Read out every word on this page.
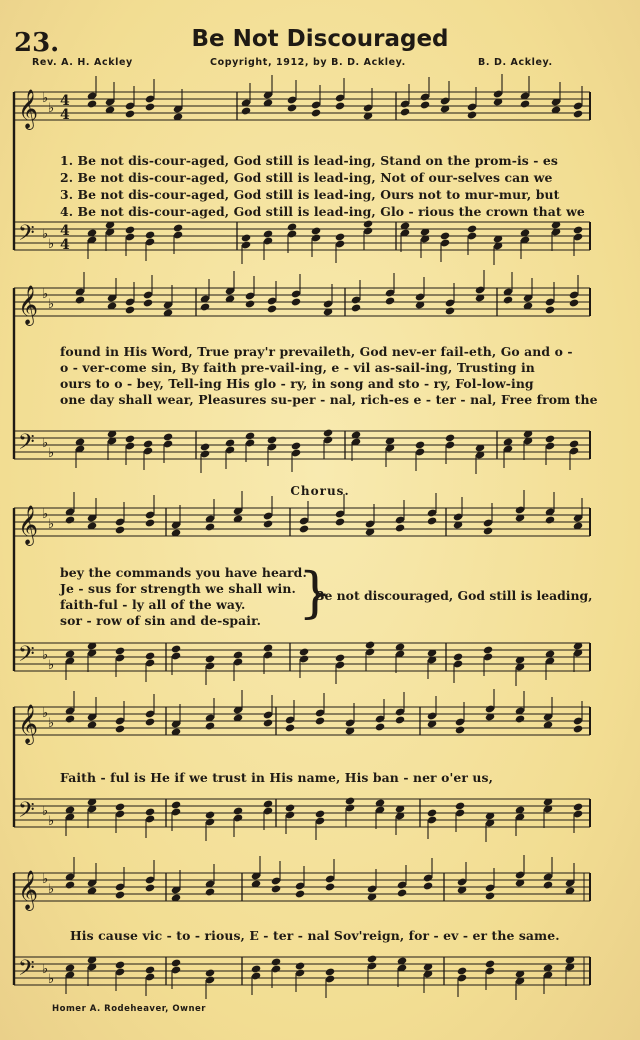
23.	Be Not Discouraged
Rev. A. H. Ackley	Copyright, 1912, by B. D. Ackley.	B. D. Ackley.
𝄞 ♭
♭ 4
4
𝄢 ♭
♭
4
4
𝄞 ♭
♭
𝄢 ♭
♭
𝄞 ♭
♭
𝄢 ♭
♭
𝄞 ♭
♭
𝄢 ♭
♭
𝄞 ♭
♭
𝄢 ♭
♭
1. Be not dis-cour-aged, God still is lead-ing, Stand on the prom-is - es
2. Be not dis-cour-aged, God still is lead-ing, Not of our-selves can we
3. Be not dis-cour-aged, God still is lead-ing, Ours not to mur-mur, but
4. Be not dis-cour-aged, God still is lead-ing, Glo - rious the crown that we
found in His Word, True pray'r prevaileth, God nev-er fail-eth, Go and o -
o - ver-come sin, By faith pre-vail-ing, e - vil as-sail-ing, Trusting in
ours to o - bey, Tell-ing His glo - ry, in song and sto - ry, Fol-low-ing
one day shall wear, Pleasures su-per - nal, rich-es e - ter - nal, Free from the
Chorus.
bey the commands you have heard.
Je - sus for strength we shall win.
faith-ful - ly all of the way.
sor - row of sin and de-spair. }
Be not discouraged, God still is leading,
Faith - ful is He if we trust in His name, His ban - ner o'er us,
His cause vic - to - rious, E - ter - nal Sov'reign, for - ev - er the same.
Homer A. Rodeheaver, Owner
